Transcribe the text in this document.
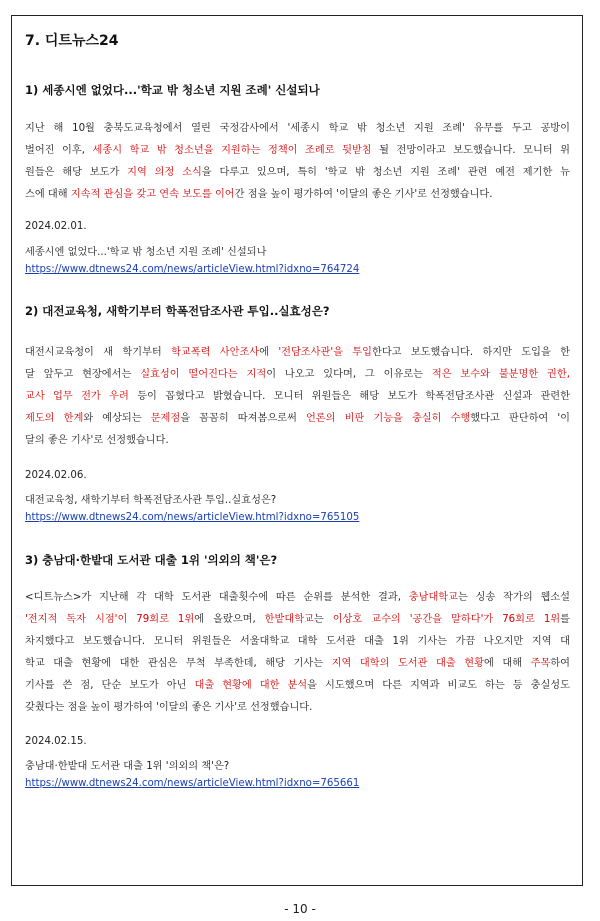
7. 디트뉴스24
1) 세종시엔 없었다...'학교 밖 청소년 지원 조례' 신설되나
지난 해 10월 충북도교육청에서 열린 국정감사에서 '세종시 학교 밖 청소년 지원 조례' 유무를 두고 공방이
벌어진 이후, 세종시 학교 밖 청소년을 지원하는 정책이 조례로 뒷받침 될 전망이라고 보도했습니다. 모니터 위
원들은 해당 보도가 지역 의정 소식을 다루고 있으며, 특히 '학교 밖 청소년 지원 조례' 관련 예전 제기한 뉴
스에 대해 지속적 관심을 갖고 연속 보도를 이어간 점을 높이 평가하여 '이달의 좋은 기사'로 선정했습니다.
2024.02.01.
세종시엔 없었다...'학교 밖 청소년 지원 조례' 신설되나
https://www.dtnews24.com/news/articleView.html?idxno=764724
2) 대전교육청, 새학기부터 학폭전담조사관 투입..실효성은?
대전시교육청이 새 학기부터 학교폭력 사안조사에 '전담조사관'을 투입한다고 보도했습니다. 하지만 도입을 한
달 앞두고 현장에서는 실효성이 떨어진다는 지적이 나오고 있다며, 그 이유로는 적은 보수와 불분명한 권한,
교사 업무 전가 우려 등이 꼽혔다고 밝혔습니다. 모니터 위원들은 해당 보도가 학폭전담조사관 신설과 관련한
제도의 한계와 예상되는 문제점을 꼼꼼히 따져봄으로써 언론의 비판 기능을 충실히 수행했다고 판단하여 '이
달의 좋은 기사'로 선정했습니다.
2024.02.06.
대전교육청, 새학기부터 학폭전담조사관 투입..실효성은?
https://www.dtnews24.com/news/articleView.html?idxno=765105
3) 충남대·한밭대 도서관 대출 1위 '의외의 책'은?
<디트뉴스>가 지난해 각 대학 도서관 대출횟수에 따른 순위를 분석한 결과, 충남대학교는 싱송 작가의 웹소설
'전지적 독자 시점'이 79회로 1위에 올랐으며, 한밭대학교는 이상호 교수의 '공간을 말하다'가 76회로 1위를
차지했다고 보도했습니다. 모니터 위원들은 서울대학교 대학 도서관 대출 1위 기사는 가끔 나오지만 지역 대
학교 대출 현황에 대한 관심은 무척 부족한데, 해당 기사는 지역 대학의 도서관 대출 현황에 대해 주목하여
기사를 쓴 점, 단순 보도가 아닌 대출 현황에 대한 분석을 시도했으며 다른 지역과 비교도 하는 등 충실성도
갖췄다는 점을 높이 평가하여 '이달의 좋은 기사'로 선정했습니다.
2024.02.15.
충남대·한밭대 도서관 대출 1위 '의외의 책'은?
https://www.dtnews24.com/news/articleView.html?idxno=765661
- 10 -
